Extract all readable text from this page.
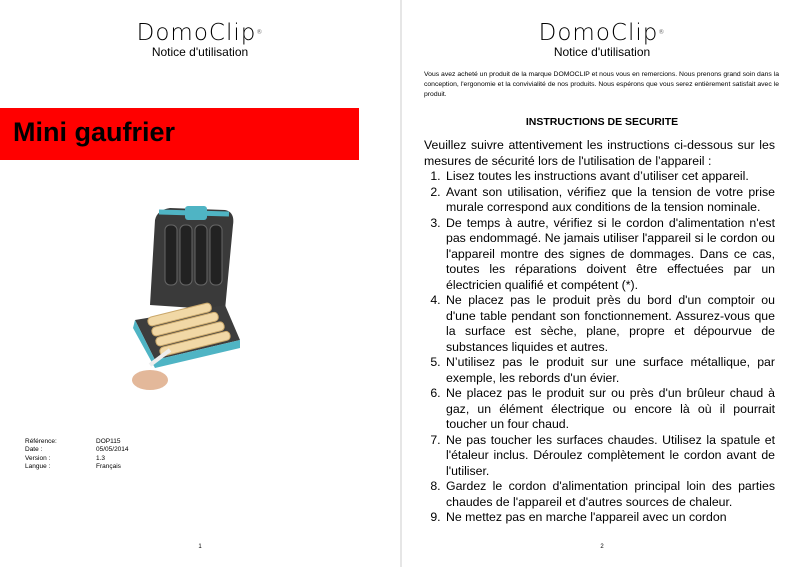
DomoClip®
Notice d'utilisation
Mini gaufrier
Référence:	DOP115
Date :	05/05/2014
Version :	1.3
Langue :	Français
1
DomoClip®
Notice d'utilisation
Vous avez acheté un produit de la marque DOMOCLIP et nous vous en remercions. Nous prenons grand soin dans la conception, l'ergonomie et la convivialité de nos produits. Nous espérons que vous serez entièrement satisfait avec le produit.
INSTRUCTIONS DE SECURITE
Veuillez suivre attentivement les instructions ci-dessous sur les mesures de sécurité lors de l'utilisation de l’appareil :
1. Lisez toutes les instructions avant d’utiliser cet appareil.
2. Avant son utilisation, vérifiez que la tension de votre prise murale correspond aux conditions de la tension nominale.
3. De temps à autre, vérifiez si le cordon d'alimentation n'est pas endommagé. Ne jamais utiliser l'appareil si le cordon ou l'appareil montre des signes de dommages. Dans ce cas, toutes les réparations doivent être effectuées par un électricien qualifié et compétent (*).
4. Ne placez pas le produit près du bord d'un comptoir ou d'une table pendant son fonctionnement. Assurez-vous que la surface est sèche, plane, propre et dépourvue de substances liquides et autres.
5. N’utilisez pas le produit sur une surface métallique, par exemple, les rebords d'un évier.
6. Ne placez pas le produit sur ou près d'un brûleur chaud à gaz, un élément électrique ou encore là où il pourrait toucher un four chaud.
7. Ne pas toucher les surfaces chaudes. Utilisez la spatule et l'étaleur inclus. Déroulez complètement le cordon avant de l'utiliser.
8. Gardez le cordon d'alimentation principal loin des parties chaudes de l'appareil et d'autres sources de chaleur.
9. Ne mettez pas en marche l'appareil avec un cordon
2
